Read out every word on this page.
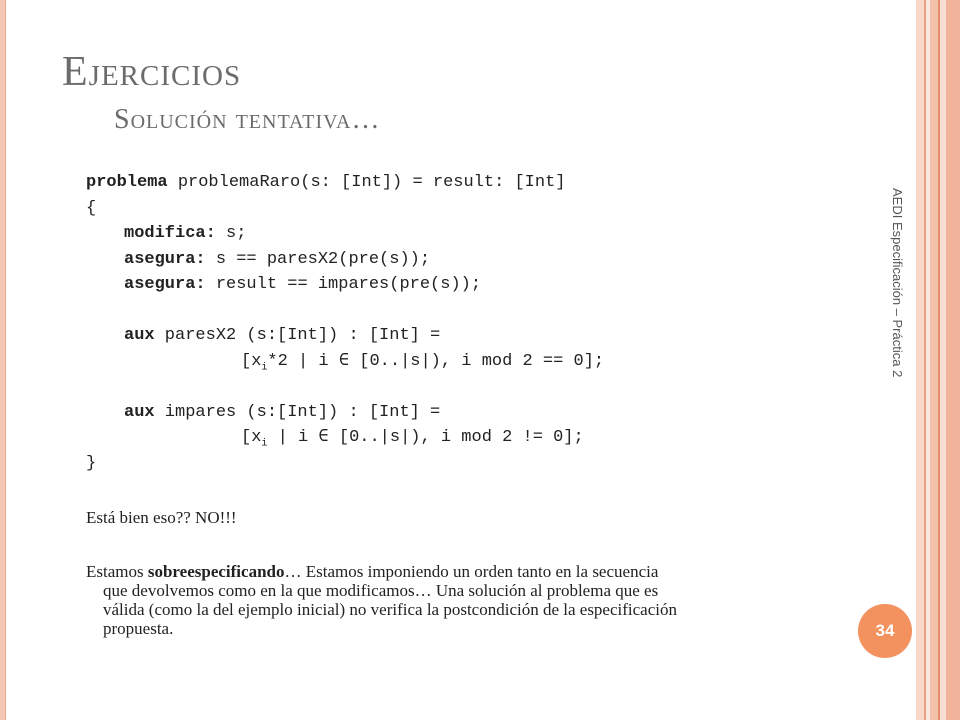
Ejercicios
Solución tentativa…
problema problemaRaro(s: [Int]) = result: [Int]
{
modifica: s;
asegura: s == paresX2(pre(s));
asegura: result == impares(pre(s));
aux paresX2 (s:[Int]) : [Int] =
[$x_i*2$ | i ∈ [0..|s|), i mod 2 == 0];
aux impares (s:[Int]) : [Int] =
[$x_i$ | i ∈ [0..|s|), i mod 2 != 0];
}
Está bien eso?? NO!!!
Estamos sobreespecificando… Estamos imponiendo un orden tanto en la secuencia
que devolvemos como en la que modificamos… Una solución al problema que es
válida (como la del ejemplo inicial) no verifica la postcondición de la especificación
propuesta.
AEDI Especificación – Práctica 2
34
